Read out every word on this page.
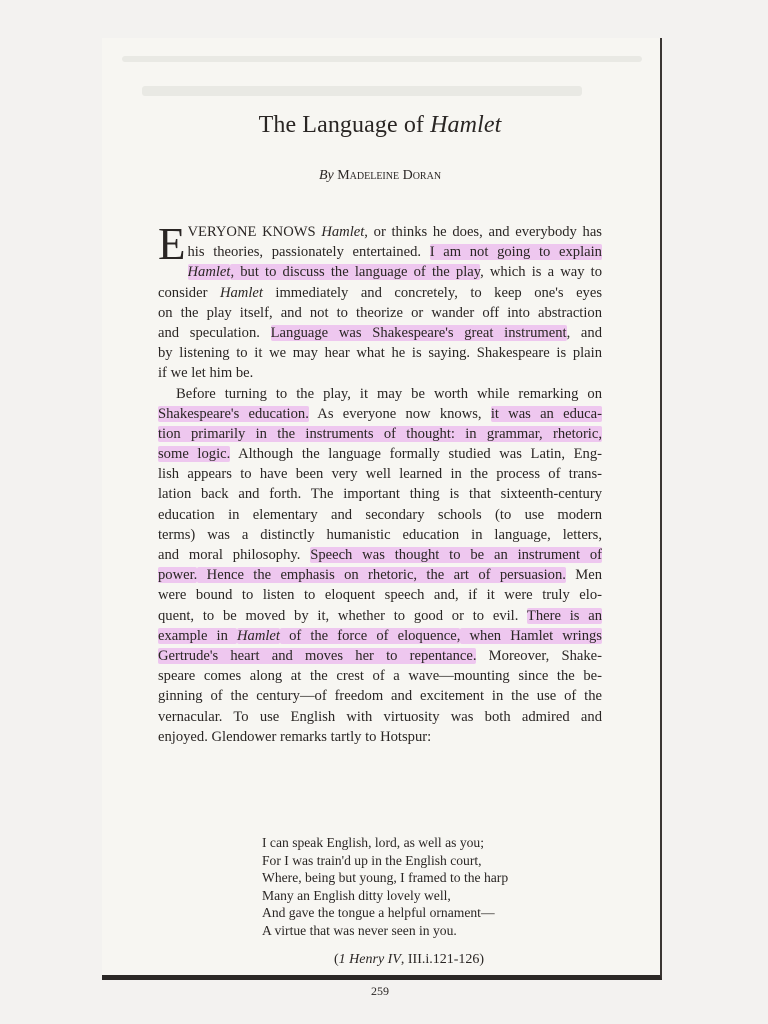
The Language of Hamlet
By Madeleine Doran
E VERYONE KNOWS Hamlet, or thinks he does, and everybody has
his theories, passionately entertained. I am not going to explain
Hamlet, but to discuss the language of the play, which is a way to
consider Hamlet immediately and concretely, to keep one's eyes
on the play itself, and not to theorize or wander off into abstraction
and speculation. Language was Shakespeare's great instrument, and
by listening to it we may hear what he is saying. Shakespeare is plain
if we let him be.
Before turning to the play, it may be worth while remarking on
Shakespeare's education. As everyone now knows, it was an educa-
tion primarily in the instruments of thought: in grammar, rhetoric,
some logic. Although the language formally studied was Latin, Eng-
lish appears to have been very well learned in the process of trans-
lation back and forth. The important thing is that sixteenth-century
education in elementary and secondary schools (to use modern
terms) was a distinctly humanistic education in language, letters,
and moral philosophy. Speech was thought to be an instrument of
power. Hence the emphasis on rhetoric, the art of persuasion. Men
were bound to listen to eloquent speech and, if it were truly elo-
quent, to be moved by it, whether to good or to evil. There is an
example in Hamlet of the force of eloquence, when Hamlet wrings
Gertrude's heart and moves her to repentance. Moreover, Shake-
speare comes along at the crest of a wave—mounting since the be-
ginning of the century—of freedom and excitement in the use of the
vernacular. To use English with virtuosity was both admired and
enjoyed. Glendower remarks tartly to Hotspur:
I can speak English, lord, as well as you;
For I was train'd up in the English court,
Where, being but young, I framed to the harp
Many an English ditty lovely well,
And gave the tongue a helpful ornament—
A virtue that was never seen in you.
(1 Henry IV, III.i.121-126)
259
